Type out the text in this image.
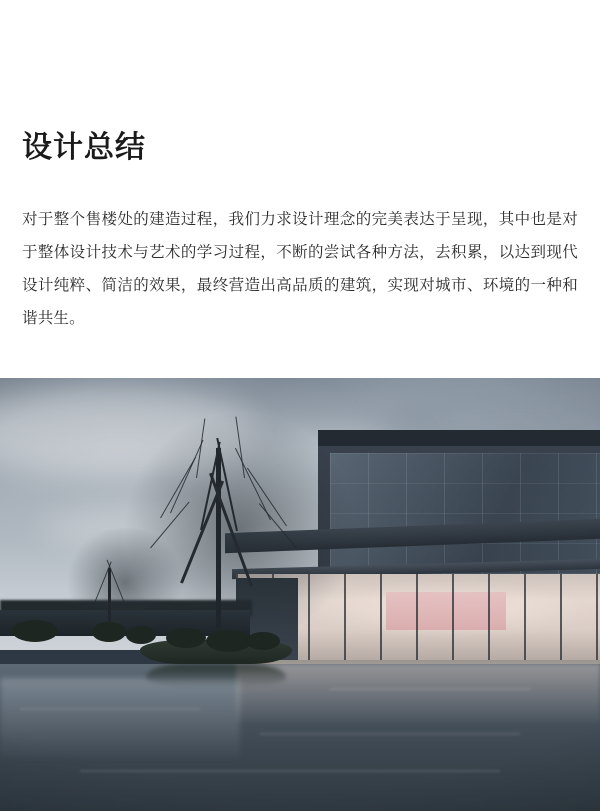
设计总结

对于整个售楼处的建造过程，我们力求设计理念的完美表达于呈现，其中也是对于整体设计技术与艺术的学习过程，不断的尝试各种方法，去积累，以达到现代设计纯粹、简洁的效果，最终营造出高品质的建筑，实现对城市、环境的一种和谐共生。
